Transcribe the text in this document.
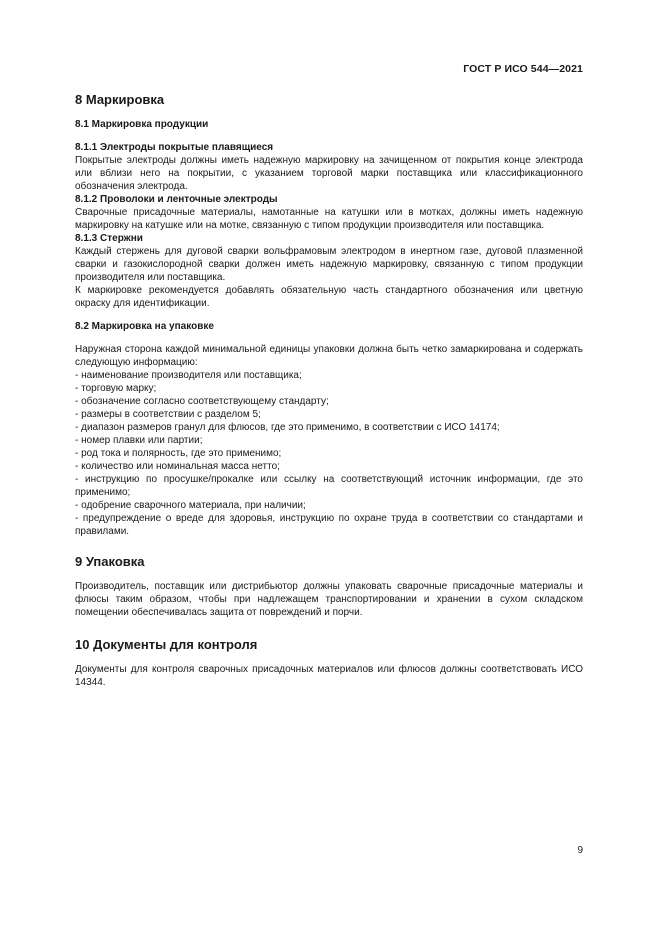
ГОСТ Р ИСО 544—2021
8 Маркировка
8.1 Маркировка продукции
8.1.1 Электроды покрытые плавящиеся

Покрытые электроды должны иметь надежную маркировку на зачищенном от покрытия конце электрода или вблизи него на покрытии, с указанием торговой марки поставщика или классификационного обозначения электрода.

8.1.2 Проволоки и ленточные электроды

Сварочные присадочные материалы, намотанные на катушки или в мотках, должны иметь надежную маркировку на катушке или на мотке, связанную с типом продукции производителя или поставщика.

8.1.3 Стержни

Каждый стержень для дуговой сварки вольфрамовым электродом в инертном газе, дуговой плазменной сварки и газокислородной сварки должен иметь надежную маркировку, связанную с типом продукции производителя или поставщика.

К маркировке рекомендуется добавлять обязательную часть стандартного обозначения или цветную окраску для идентификации.

8.2 Маркировка на упаковке

Наружная сторона каждой минимальной единицы упаковки должна быть четко замаркирована и содержать следующую информацию:

- наименование производителя или поставщика;
- торговую марку;
- обозначение согласно соответствующему стандарту;
- размеры в соответствии с разделом 5;
- диапазон размеров гранул для флюсов, где это применимо, в соответствии с ИСО 14174;
- номер плавки или партии;
- род тока и полярность, где это применимо;
- количество или номинальная масса нетто;
- инструкцию по просушке/прокалке или ссылку на соответствующий источник информации, где это применимо;
- одобрение сварочного материала, при наличии;
- предупреждение о вреде для здоровья, инструкцию по охране труда в соответствии со стандартами и правилами.
9 Упаковка

Производитель, поставщик или дистрибьютор должны упаковать сварочные присадочные материалы и флюсы таким образом, чтобы при надлежащем транспортировании и хранении в сухом складском помещении обеспечивалась защита от повреждений и порчи.

10 Документы для контроля

Документы для контроля сварочных присадочных материалов или флюсов должны соответствовать ИСО 14344.

9
